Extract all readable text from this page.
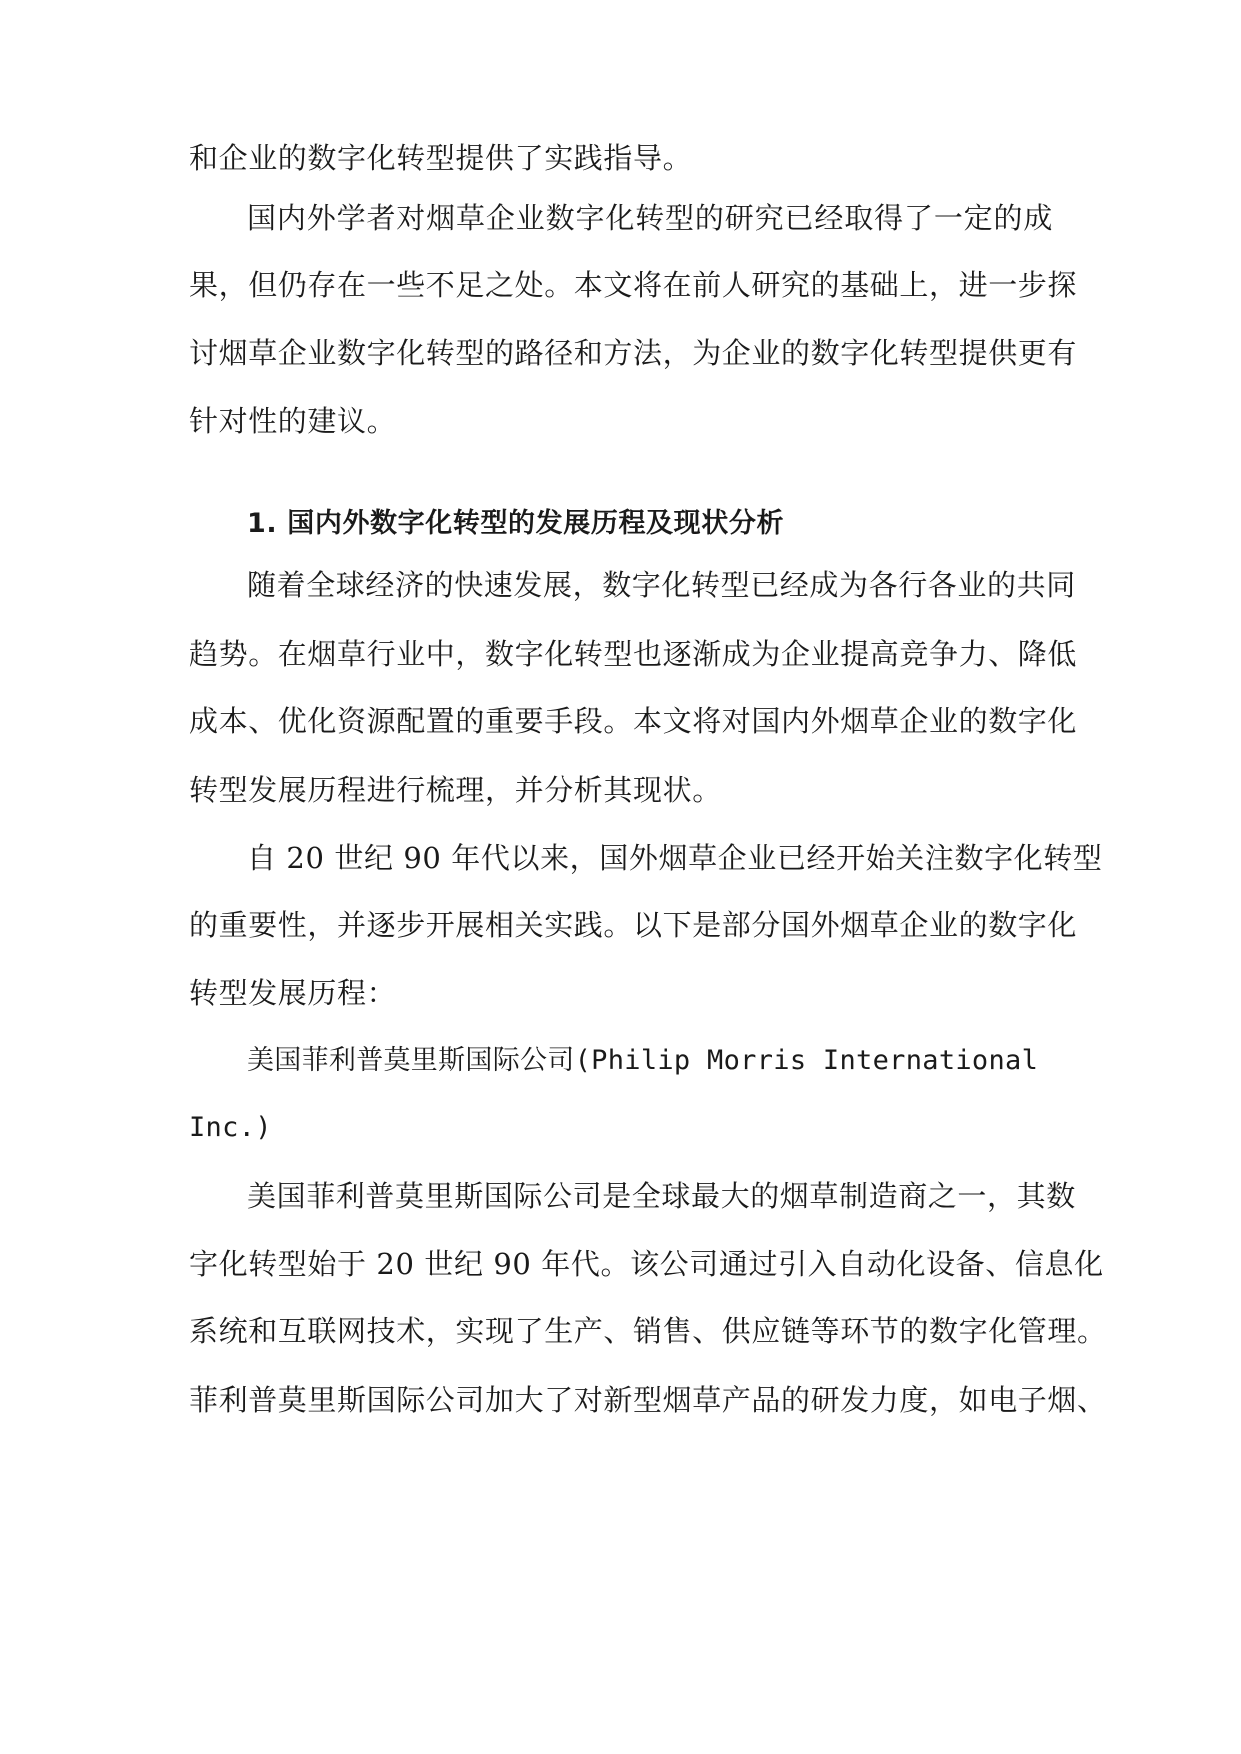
和企业的数字化转型提供了实践指导。
国内外学者对烟草企业数字化转型的研究已经取得了一定的成
果，但仍存在一些不足之处。本文将在前人研究的基础上，进一步探
讨烟草企业数字化转型的路径和方法，为企业的数字化转型提供更有
针对性的建议。
1. 国内外数字化转型的发展历程及现状分析
随着全球经济的快速发展，数字化转型已经成为各行各业的共同
趋势。在烟草行业中，数字化转型也逐渐成为企业提高竞争力、降低
成本、优化资源配置的重要手段。本文将对国内外烟草企业的数字化
转型发展历程进行梳理，并分析其现状。
自 20 世纪 90 年代以来，国外烟草企业已经开始关注数字化转型
的重要性，并逐步开展相关实践。以下是部分国外烟草企业的数字化
转型发展历程：
美国菲利普莫里斯国际公司(Philip Morris International
Inc.)
美国菲利普莫里斯国际公司是全球最大的烟草制造商之一，其数
字化转型始于 20 世纪 90 年代。该公司通过引入自动化设备、信息化
系统和互联网技术，实现了生产、销售、供应链等环节的数字化管理。
菲利普莫里斯国际公司加大了对新型烟草产品的研发力度，如电子烟、
